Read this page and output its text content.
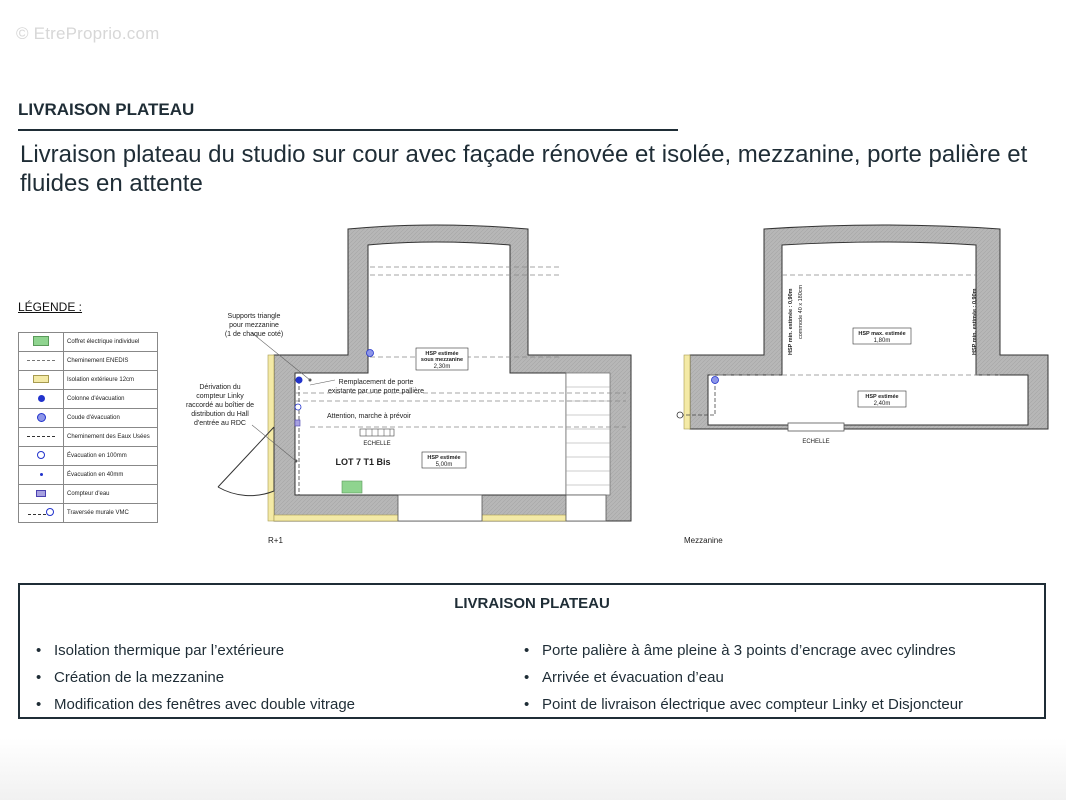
© EtreProprio.com
LIVRAISON PLATEAU
Livraison plateau du studio sur cour avec façade rénovée et isolée, mezzanine, porte palière et fluides en attente
LÉGENDE :
	Coffret électrique individuel
	Cheminement ENEDIS
	Isolation extérieure 12cm
	Colonne d'évacuation
	Coude d'évacuation
	Cheminement des Eaux Usées
	Évacuation en 100mm
	Évacuation en 40mm
	Compteur d'eau
	Traversée murale VMC
Supports triangle
pour mezzanine
(1 de chaque coté)
Dérivation du
compteur Linky
raccordé au boîtier de
distribution du Hall
d'entrée au RDC
Remplacement de porte
existante par une porte pallière
Attention, marche à prévoir
ECHELLE
LOT 7 T1 Bis
HSP estimée
sous mezzanine
2,30m
HSP estimée
5,00m
R+1
HSP min. estimée : 0,90m commode 40 x 180cm	HSP min. estimée : 0,90m
HSP max. estimée
1,80m
HSP estimée
2,40m
ECHELLE
Mezzanine
LIVRAISON PLATEAU
• Isolation thermique par l’extérieure
• Création de la mezzanine
• Modification des fenêtres avec double vitrage
• Porte palière à âme pleine à 3 points d’encrage avec cylindres
• Arrivée et évacuation d’eau
• Point de livraison électrique avec compteur Linky et Disjoncteur
